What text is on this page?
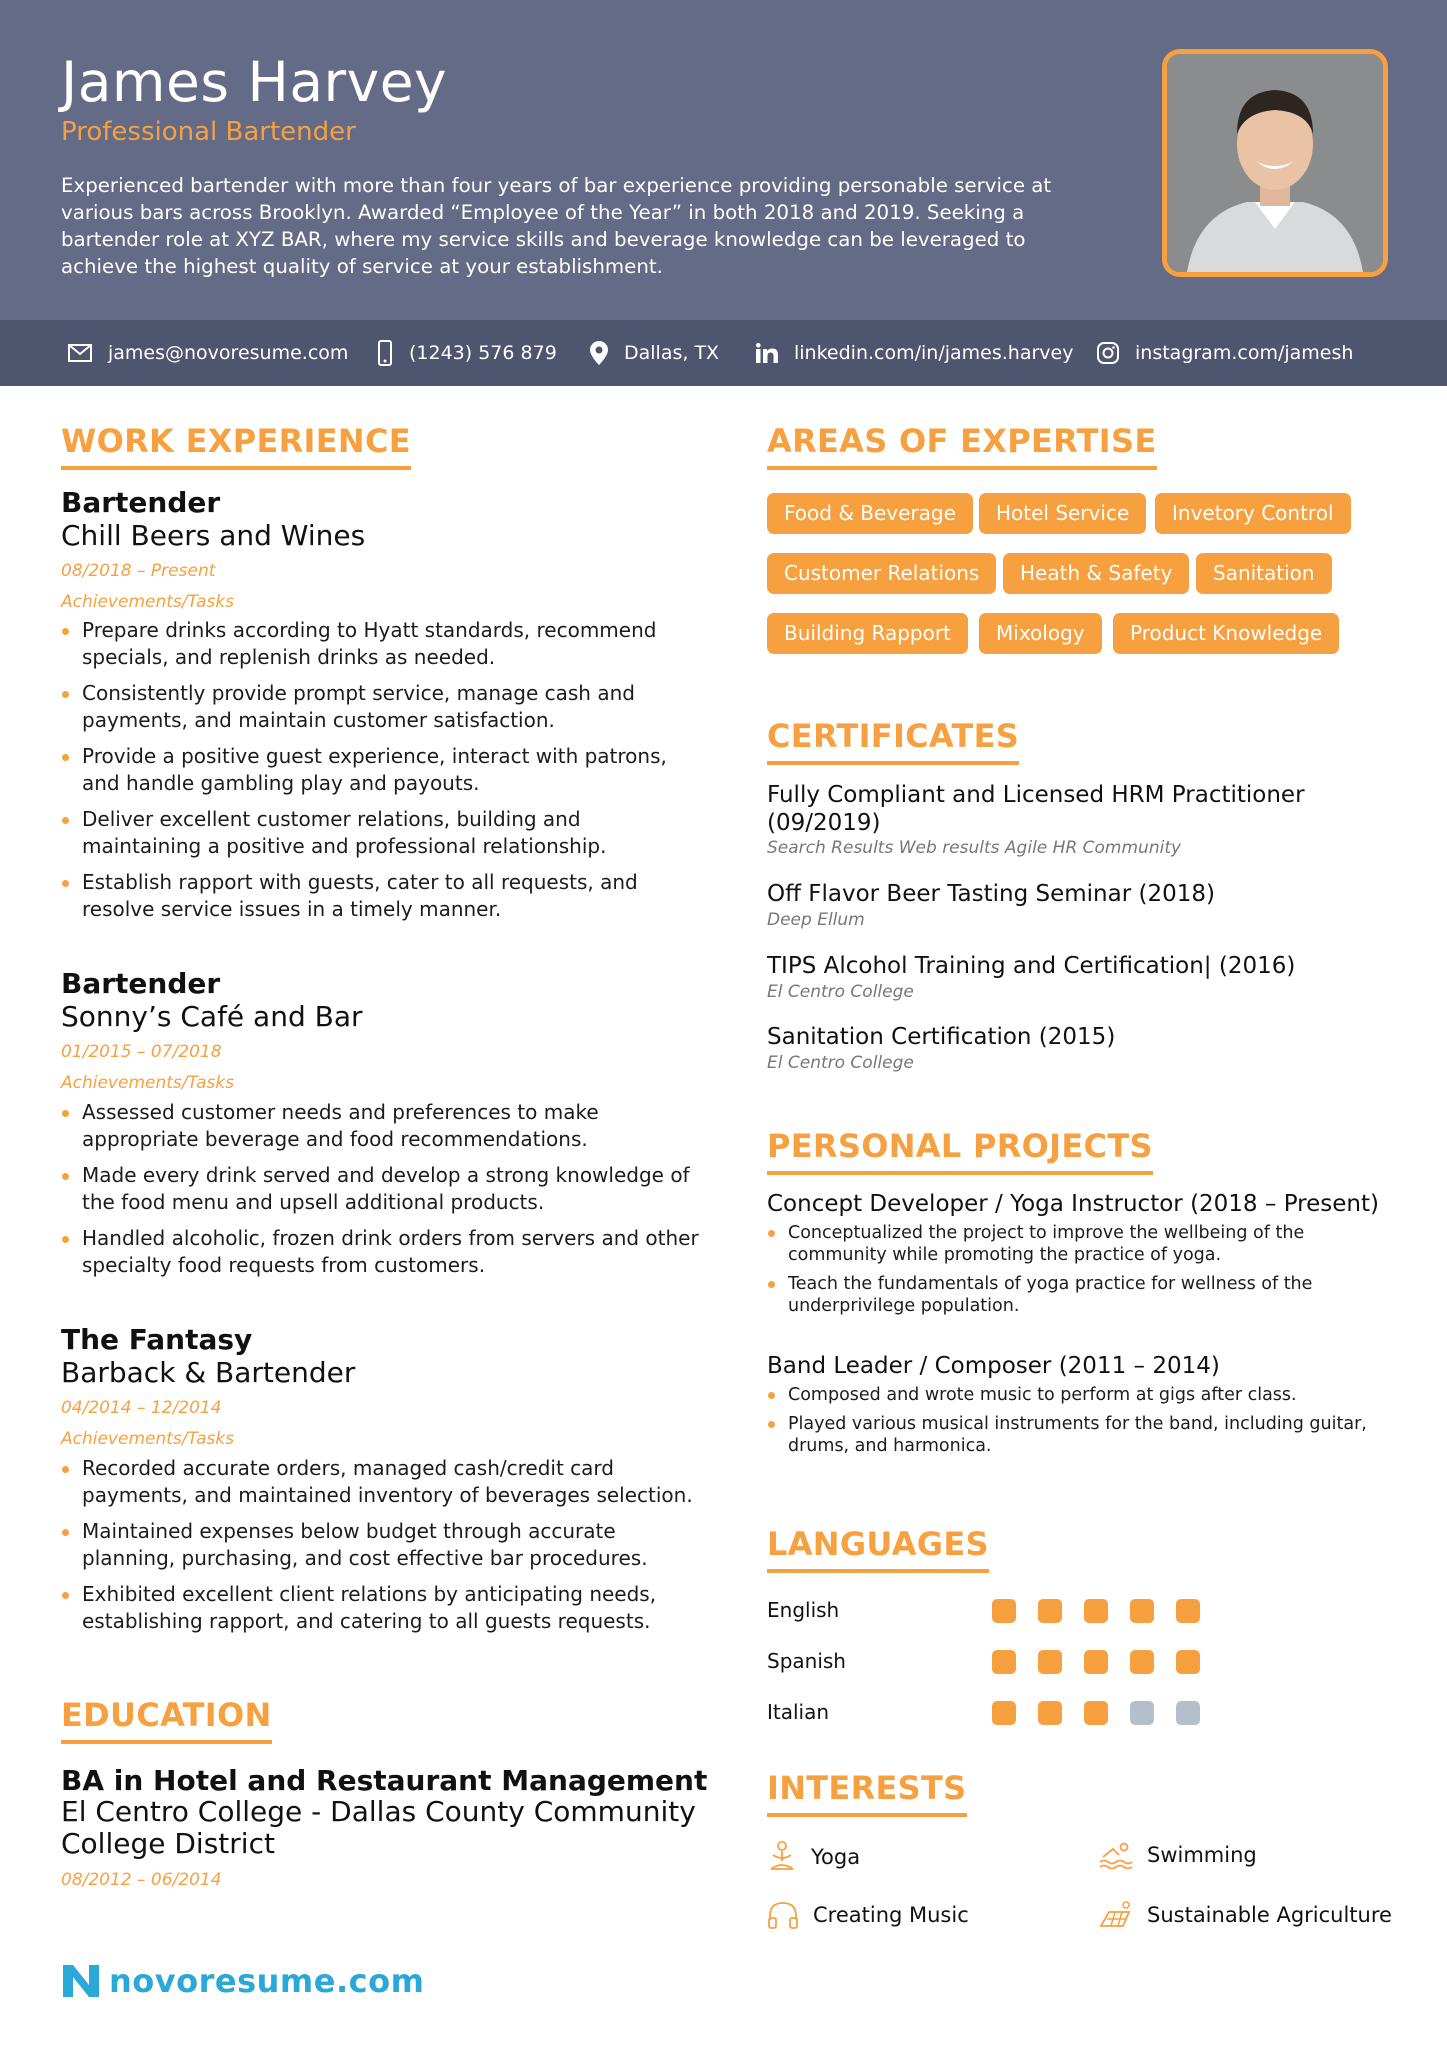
James Harvey
Professional Bartender
Experienced bartender with more than four years of bar experience providing personable service at various bars across Brooklyn. Awarded “Employee of the Year” in both 2018 and 2019. Seeking a bartender role at XYZ BAR, where my service skills and beverage knowledge can be leveraged to achieve the highest quality of service at your establishment.
james@novoresume.com	(1243) 576 879	Dallas, TX	linkedin.com/in/james.harvey	instagram.com/jamesh
WORK EXPERIENCE
Bartender
Chill Beers and Wines
08/2018 – Present
Achievements/Tasks
Prepare drinks according to Hyatt standards, recommend specials, and replenish drinks as needed.
Consistently provide prompt service, manage cash and payments, and maintain customer satisfaction.
Provide a positive guest experience, interact with patrons, and handle gambling play and payouts.
Deliver excellent customer relations, building and maintaining a positive and professional relationship.
Establish rapport with guests, cater to all requests, and resolve service issues in a timely manner.
Bartender
Sonny’s Café and Bar
01/2015 – 07/2018
Achievements/Tasks
Assessed customer needs and preferences to make appropriate beverage and food recommendations.
Made every drink served and develop a strong knowledge of the food menu and upsell additional products.
Handled alcoholic, frozen drink orders from servers and other specialty food requests from customers.
The Fantasy
Barback & Bartender
04/2014 – 12/2014
Achievements/Tasks
Recorded accurate orders, managed cash/credit card payments, and maintained inventory of beverages selection.
Maintained expenses below budget through accurate planning, purchasing, and cost effective bar procedures.
Exhibited excellent client relations by anticipating needs, establishing rapport, and catering to all guests requests.
EDUCATION
BA in Hotel and Restaurant Management
El Centro College - Dallas County Community College District
08/2012 – 06/2014
AREAS OF EXPERTISE
Food & Beverage	Hotel Service	Invetory Control
Customer Relations	Heath & Safety	Sanitation
Building Rapport	Mixology	Product Knowledge
CERTIFICATES
Fully Compliant and Licensed HRM Practitioner (09/2019)
Search Results Web results Agile HR Community
Off Flavor Beer Tasting Seminar (2018)
Deep Ellum
TIPS Alcohol Training and Certification| (2016)
El Centro College
Sanitation Certification (2015)
El Centro College
PERSONAL PROJECTS
Concept Developer / Yoga Instructor (2018 – Present)
Conceptualized the project to improve the wellbeing of the community while promoting the practice of yoga.
Teach the fundamentals of yoga practice for wellness of the underprivilege population.
Band Leader / Composer (2011 – 2014)
Composed and wrote music to perform at gigs after class.
Played various musical instruments for the band, including guitar, drums, and harmonica.
LANGUAGES
English
Spanish
Italian
INTERESTS
Yoga	Swimming
Creating Music	Sustainable Agriculture
novoresume.com
